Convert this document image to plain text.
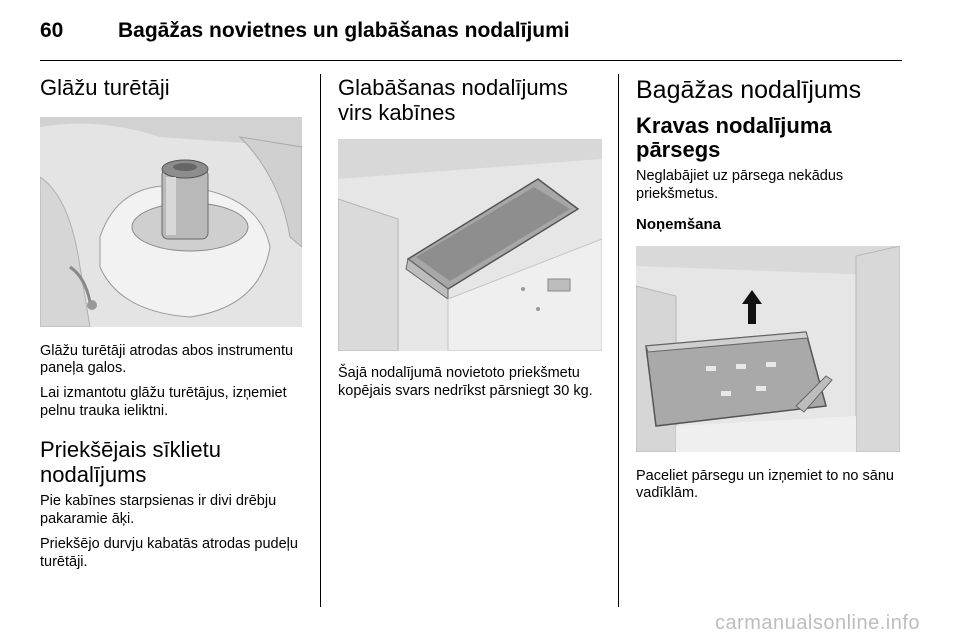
60	Bagāžas novietnes un glabāšanas nodalījumi
Glāžu turētāji

Glāžu turētāji atrodas abos instrumentu paneļa galos.

Lai izmantotu glāžu turētājus, izņemiet pelnu trauka ieliktni.

Priekšējais sīklietu nodalījums

Pie kabīnes starpsienas ir divi drēbju pakaramie āķi.

Priekšējo durvju kabatās atrodas pudeļu turētāji.

Glabāšanas nodalījums virs kabīnes

Šajā nodalījumā novietoto priekšmetu kopējais svars nedrīkst pārsniegt 30 kg.

Bagāžas nodalījums
Kravas nodalījuma pārsegs

Neglabājiet uz pārsega nekādus priekšmetus.

Noņemšana

Paceliet pārsegu un izņemiet to no sānu vadīklām.

carmanualsonline.info
